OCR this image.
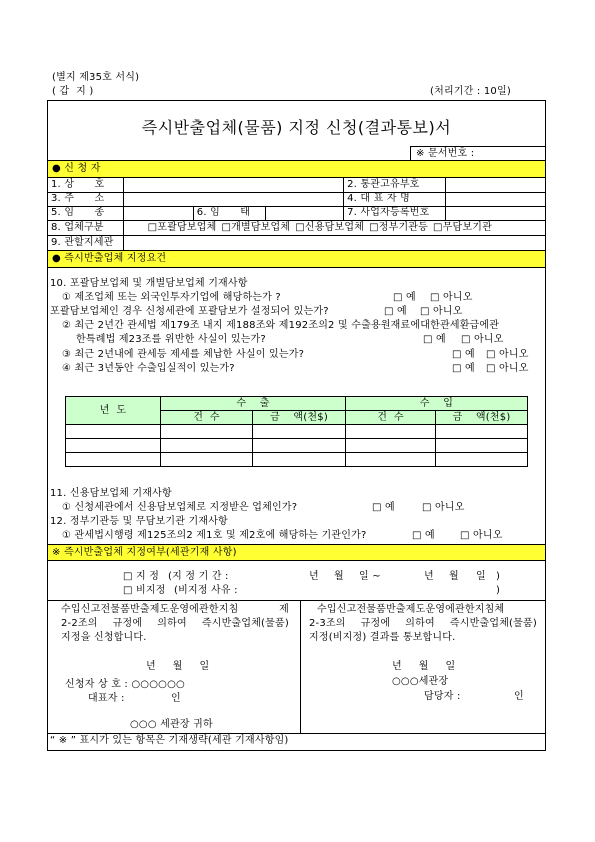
(별지 제35호 서식)
( 갑  지 )	(처리기간 : 10일)
즉시반출업체(물품) 지정 신청(결과통보)서
※ 문서번호 :
● 신 청 자
1. 상      호				2. 통관고유부호	
3. 주      소				4. 대 표 자 명	
5. 임      종		6. 임      태		7. 사업자등록번호	
8. 업체구분	□포괄담보업체 □개별담보업체 □신용담보업체 □정부기관등 □무담보기관				
9. 관할지세관					
● 즉시반출업체 지정요건
10. 포괄담보업체 및 개별담보업체 기재사항
① 제조업체 또는 외국인투자기업에 해당하는가 ?	□ 예 □ 아니오
포괄담보업체인 경우 신청세관에 포괄담보가 설정되어 있는가?	□ 예 □ 아니오
② 최근 2년간 관세법 제179조 내지 제188조와 제192조의2 및 수출용원재료에대한관세환급에관
한특례법 제23조를 위반한 사실이 있는가?	□ 예 □ 아니오
③ 최근 2년내에 관세등 제세를 체납한 사실이 있는가?	□ 예 □ 아니오
④ 최근 3년동안 수출입실적이 있는가?	□ 예 □ 아니오
년  도	수    출		수    입	
	건  수	금    액(천$)	건  수	금    액(천$)

11. 신용담보업체 기재사항
① 신청세관에서 신용담보업체로 지정받은 업체인가?	□ 예	□ 아니오
12. 정부기관등 및 무담보기관 기재사항
① 관세법시행령 제125조의2 제1호 및 제2호에 해당하는 기관인가?	□ 예	□ 아니오
※ 즉시반출업체 지정여부(세관기재 사항)
□ 지 정 (지 정 기 간 :	년 월 일 ~	년 월 일 )
□ 비지정 (비지정 사유 :	)
수입신고전물품반출제도운영에관한지침 제
2-2조의 규정에 의하여 즉시반출업체(물품)
지정을 신청합니다.
년     월     일
신청자 상 호 : ○○○○○○
대표자 :	인
○○○ 세관장 귀하
수입신고전물품반출제도운영에관한지침체
2-3조의 규정에 의하여 즉시반출업체(물품)
지정(비지정) 결과를 통보합니다.
년     월     일
○○○세관장
담당자 :	인
“ ※ ” 표시가 있는 항목은 기재생략(세관 기재사항임)
